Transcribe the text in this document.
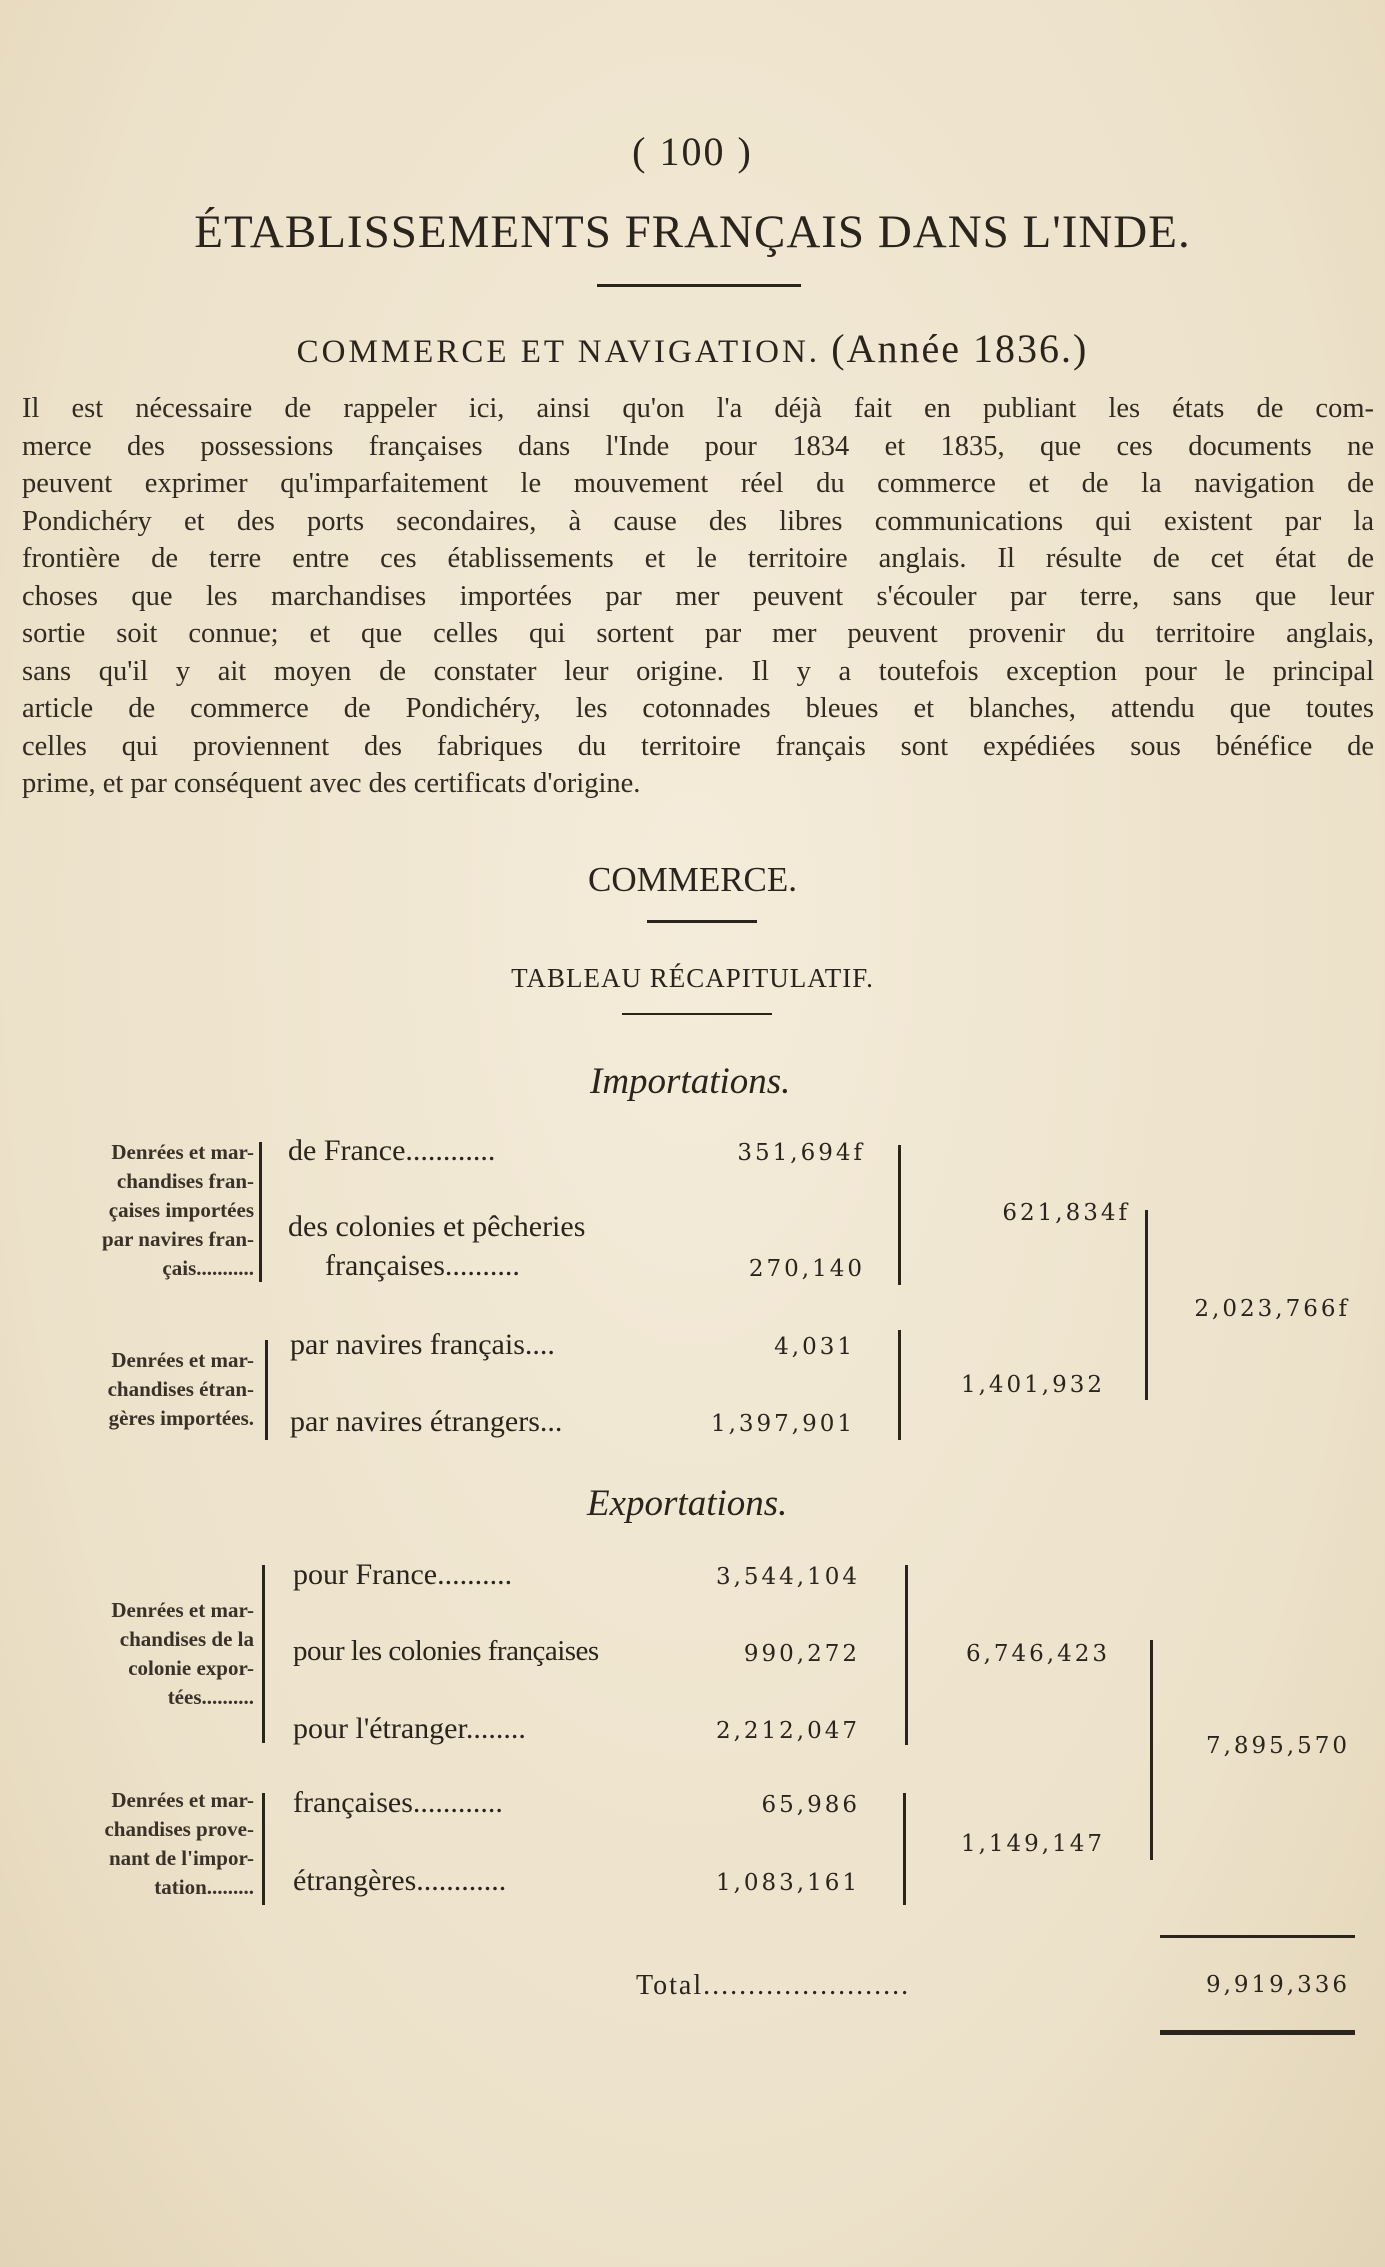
( 100 )
ÉTABLISSEMENTS FRANÇAIS DANS L'INDE.
COMMERCE ET NAVIGATION. (Année 1836.)
Il est nécessaire de rappeler ici, ainsi qu'on l'a déjà fait en publiant les états de com-
merce des possessions françaises dans l'Inde pour 1834 et 1835, que ces documents ne
peuvent exprimer qu'imparfaitement le mouvement réel du commerce et de la navigation de
Pondichéry et des ports secondaires, à cause des libres communications qui existent par la
frontière de terre entre ces établissements et le territoire anglais. Il résulte de cet état de
choses que les marchandises importées par mer peuvent s'écouler par terre, sans que leur
sortie soit connue; et que celles qui sortent par mer peuvent provenir du territoire anglais,
sans qu'il y ait moyen de constater leur origine. Il y a toutefois exception pour le principal
article de commerce de Pondichéry, les cotonnades bleues et blanches, attendu que toutes
celles qui proviennent des fabriques du territoire français sont expédiées sous bénéfice de
prime, et par conséquent avec des certificats d'origine.
COMMERCE.
TABLEAU RÉCAPITULATIF.
Importations.
Denrées et mar-
chandises fran-
çaises importées
par navires fran-
çais...........
de France............	351,694f
des colonies et pêcheries
françaises..........	270,140
621,834f
Denrées et mar-
chandises étran-
gères importées.
par navires français....	4,031
par navires étrangers...	1,397,901
1,401,932
2,023,766f
Exportations.
Denrées et mar-
chandises de la
colonie expor-
tées..........
pour France..........	3,544,104
pour les colonies françaises	990,272
pour l'étranger........	2,212,047
6,746,423
Denrées et mar-
chandises prove-
nant de l'impor-
tation.........
françaises............	65,986
étrangères............	1,083,161
1,149,147
7,895,570
Total.......................	9,919,336
